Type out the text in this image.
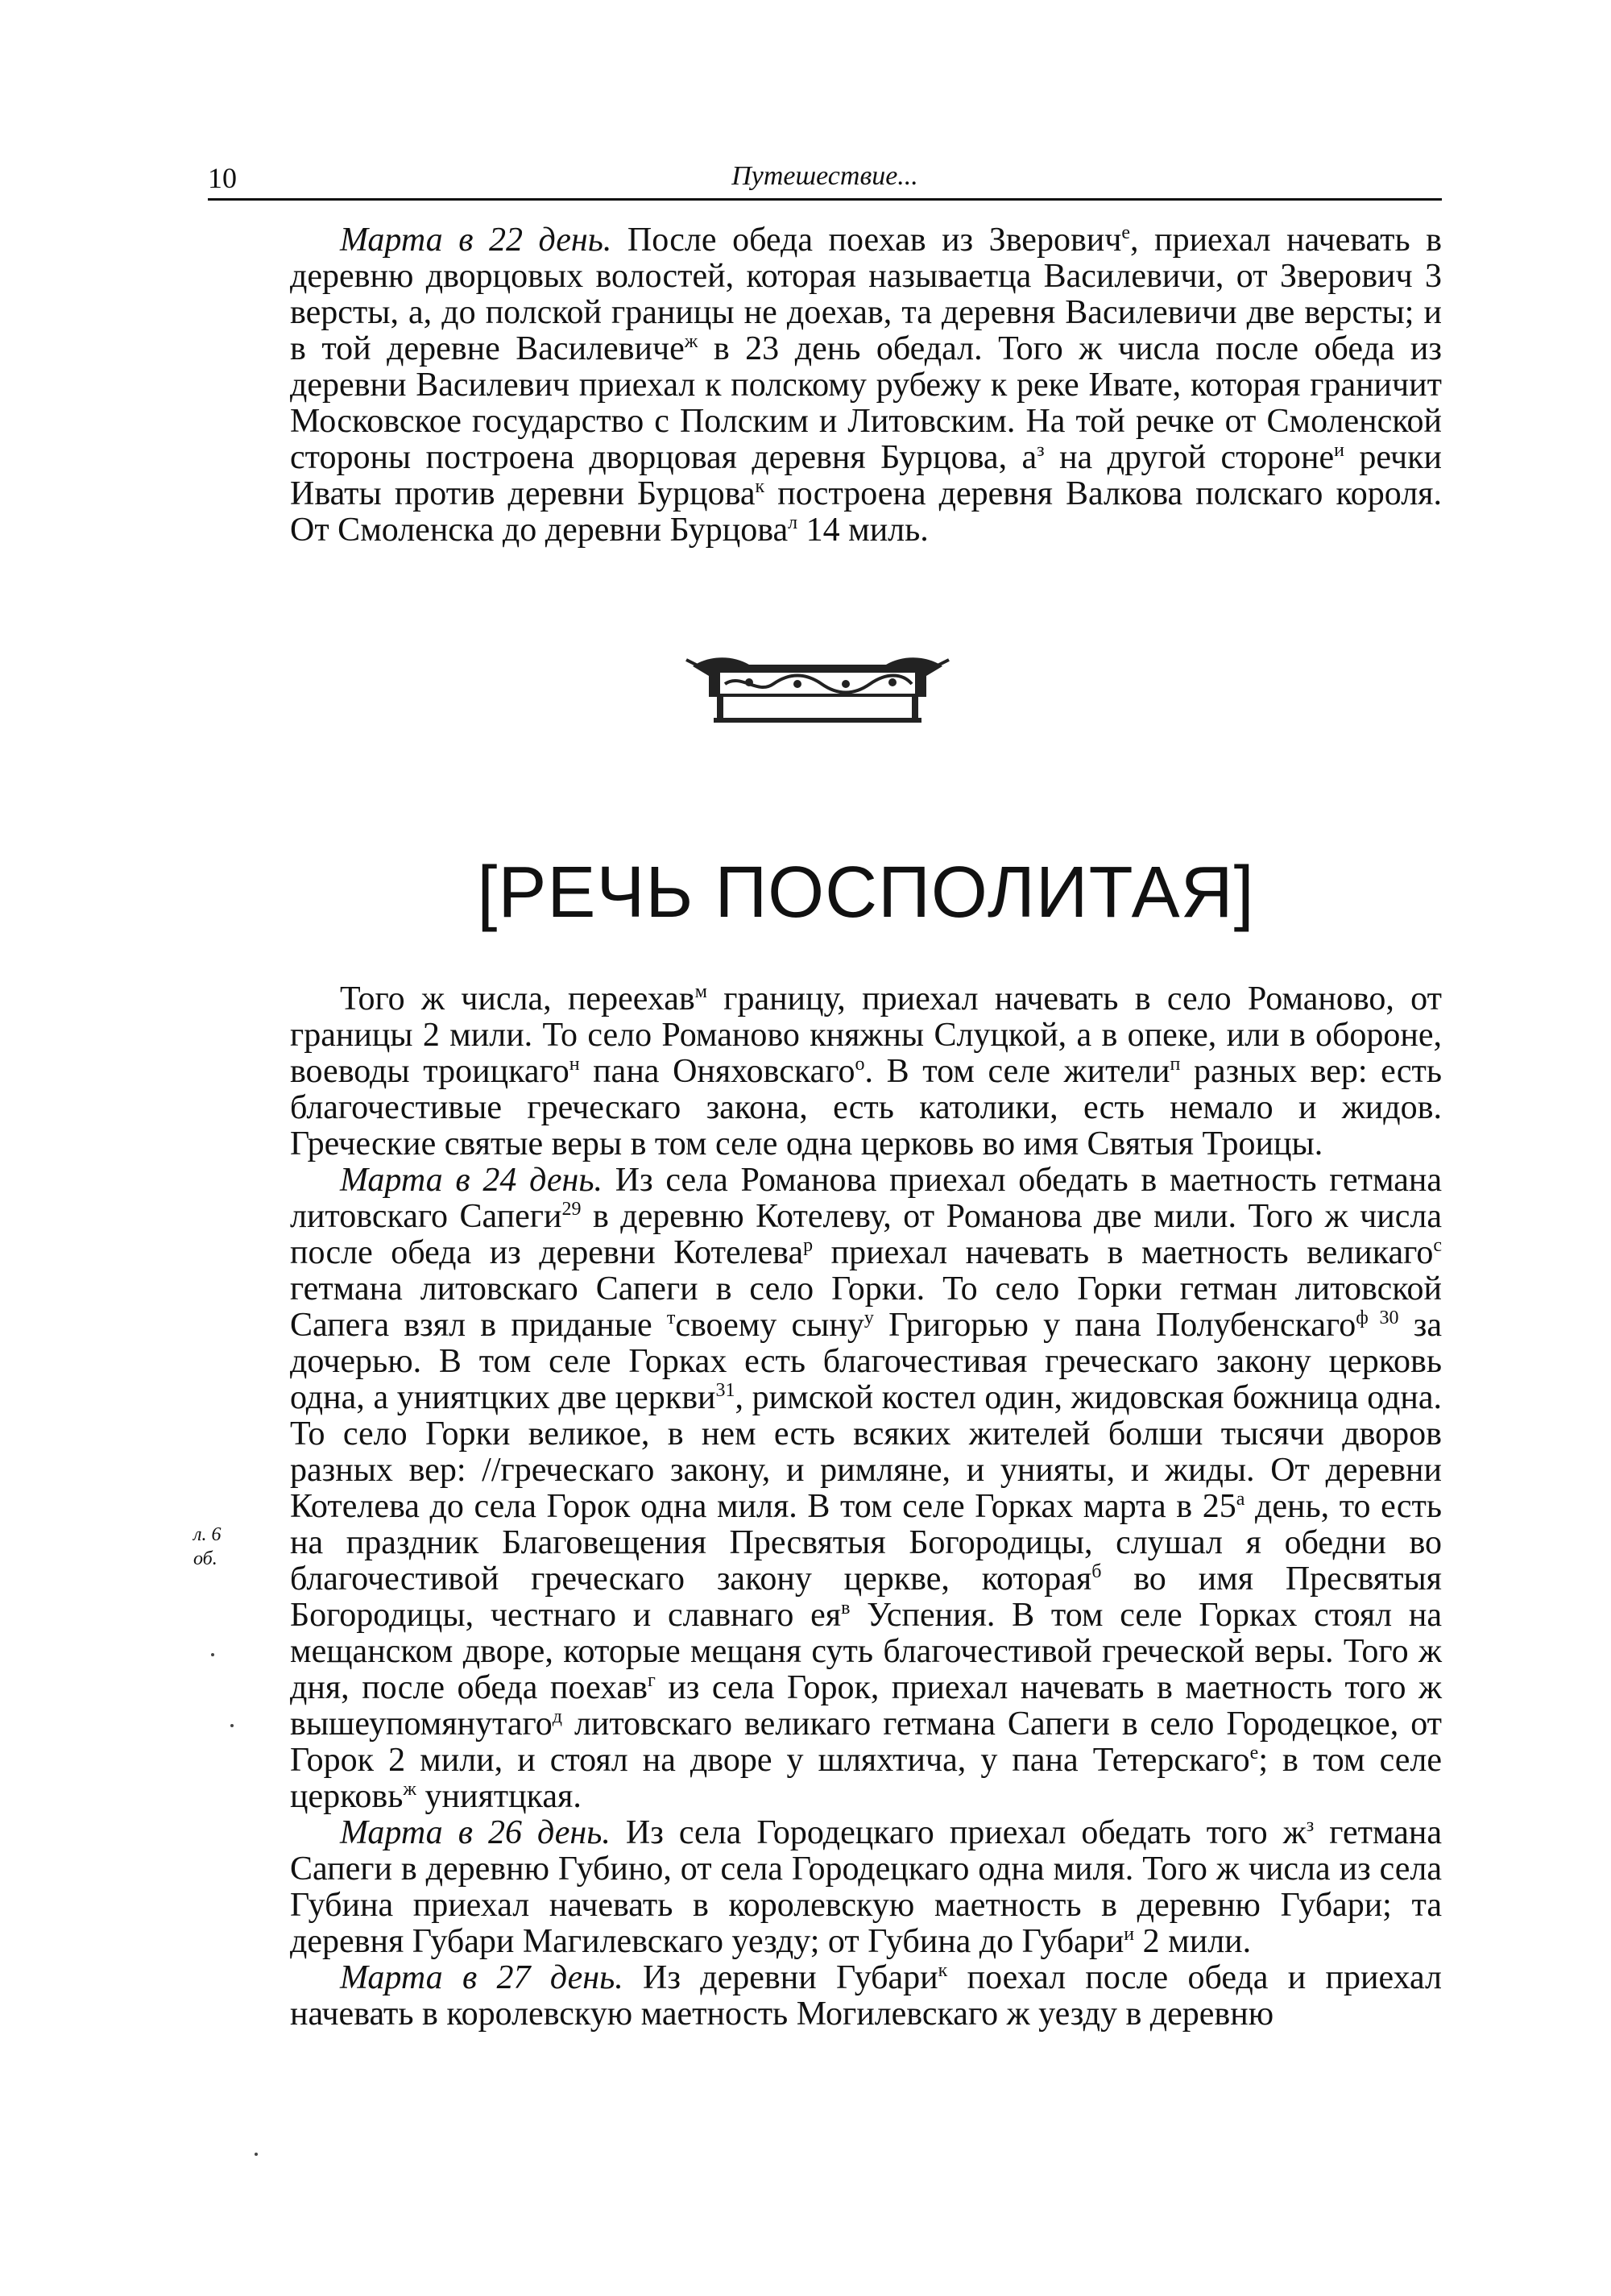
10	Путешествие...

Марта в 22 день. После обеда поехав из Зверович$^е$, приехал начевать в деревню дворцовых волостей, которая называетца Василевичи, от Зверович 3 версты, а, до полской границы не доехав, та деревня Василевичи две версты; и в той деревне Василевиче$^ж$ в 23 день обедал. Того ж числа после обеда из деревни Василевич приехал к полскому рубежу к реке Ивате, которая граничит Московское государство с Полским и Литовским. На той речке от Смоленской стороны построена дворцовая деревня Бурцова, $а^з$ на другой стороне$^и$ речки Иваты против деревни Бурцова$^к$ построена деревня Валкова полскаго короля. От Смоленска до деревни Бурцова$^л$ 14 миль.

[РЕЧЬ ПОСПОЛИТАЯ]
л. 6
об.

Того ж числа, переехав$^м$ границу, приехал начевать в село Романово, от границы 2 мили. То село Романово княжны Слуцкой, а в опеке, или в обороне, воеводы троицкаго$^н$ пана Оняховскаго$^о$. В том селе жители$^п$ разных вер: есть благочестивые греческаго закона, есть католики, есть немало и жидов. Греческие святые веры в том селе одна церковь во имя Святыя Троицы.

Марта в 24 день. Из села Романова приехал обедать в маетность гетмана литовскаго Сапеги$^{29}$ в деревню Котелеву, от Романова две мили. Того ж числа после обеда из деревни Котелева$^р$ приехал начевать в маетность великаго$^с$ гетмана литовскаго Сапеги в село Горки. То село Горки гетман литовской Сапега взял в приданые $^т$своему сыну$^у$ Григорью у пана Полубенскаго$^{ф 30}$ за дочерью. В том селе Горках есть благочестивая греческаго закону церковь одна, а униятцких две церкви$^{31}$, римской костел один, жидовская божница одна. То село Горки великое, в нем есть всяких жителей болши тысячи дворов разных вер: //греческаго закону, и римляне, и унияты, и жиды. От деревни Котелева до села Горок одна миля. В том селе Горках марта в $25^а$ день, то есть на праздник Благовещения Пресвятыя Богородицы, слушал я обедни во благочестивой греческаго закону церкве, которая$^б$ во имя Пресвятыя Богородицы, честнаго и славнаго $ея^в$ Успения. В том селе Горках стоял на мещанском дворе, которые мещаня суть благочестивой греческой веры. Того ж дня, после обеда поехав$^г$ из села Горок, приехал начевать в маетность того ж вышеупомянутаго$^д$ литовскаго великаго гетмана Сапеги в село Городецкое, от Горок 2 мили, и стоял на дворе у шляхтича, у пана Тетерскаго$^е$; в том селе церковь$^ж$ униятцкая.

Марта в 26 день. Из села Городецкаго приехал обедать того $ж^з$ гетмана Сапеги в деревню Губино, от села Городецкаго одна миля. Того ж числа из села Губина приехал начевать в королевскую маетность в деревню Губари; та деревня Губари Магилевскаго уезду; от Губина до Губари$^и$ 2 мили.

Марта в 27 день. Из деревни Губари$^к$ поехал после обеда и приехал начевать в королевскую маетность Могилевскаго ж уезду в деревню
